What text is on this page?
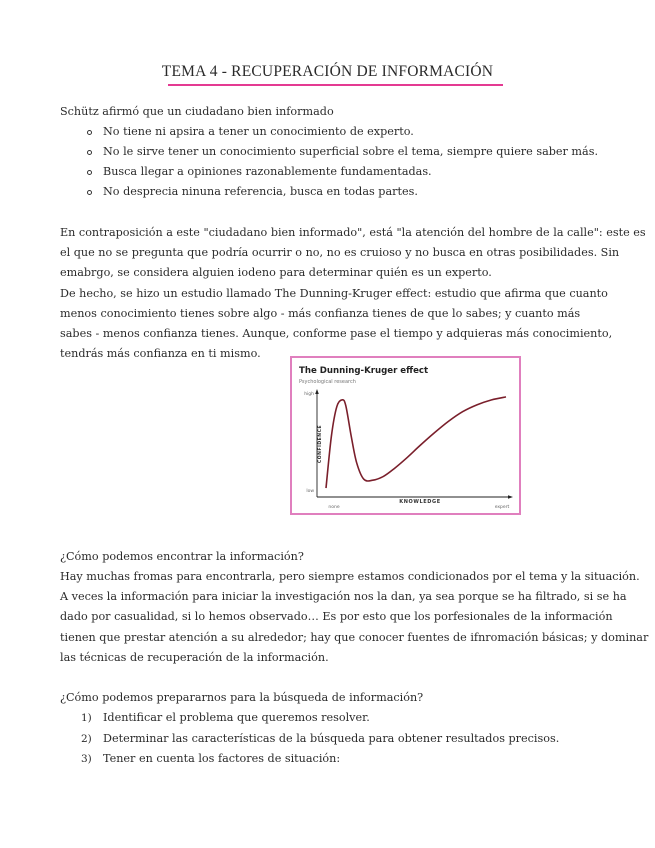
TEMA 4 - RECUPERACIÓN DE INFORMACIÓN

Schütz afirmó que un ciudadano bien informado

No tiene ni apsira a tener un conocimiento de experto.
No le sirve tener un conocimiento superficial sobre el tema, siempre quiere saber más.
Busca llegar a opiniones razonablemente fundamentadas.
No desprecia ninuna referencia, busca en todas partes.

En contraposición a este "ciudadano bien informado", está "la atención del hombre de la calle": este es

el que no se pregunta que podría ocurrir o no, no es cruioso y no busca en otras posibilidades. Sin

emabrgo, se considera alguien iodeno para determinar quién es un experto.

De hecho, se hizo un estudio llamado The Dunning-Kruger effect: estudio que afirma que cuanto

menos conocimiento tienes sobre algo - más confianza tienes de que lo sabes; y cuanto más

sabes - menos confianza tienes. Aunque, conforme pase el tiempo y adquieras más conocimiento,

tendrás más confianza en ti mismo.

The Dunning-Kruger effect
Psychological research
high
low
none	expert
KNOWLEDGE
CONFIDENCE

¿Cómo podemos encontrar la información?

Hay muchas fromas para encontrarla, pero siempre estamos condicionados por el tema y la situación.

A veces la información para iniciar la investigación nos la dan, ya sea porque se ha filtrado, si se ha

dado por casualidad, si lo hemos observado… Es por esto que los porfesionales de la información

tienen que prestar atención a su alrededor; hay que conocer fuentes de ifnromación básicas; y dominar

las técnicas de recuperación de la información.

¿Cómo podemos prepararnos para la búsqueda de información?

1) Identificar el problema que queremos resolver.
2) Determinar las características de la búsqueda para obtener resultados precisos.
3) Tener en cuenta los factores de situación:
